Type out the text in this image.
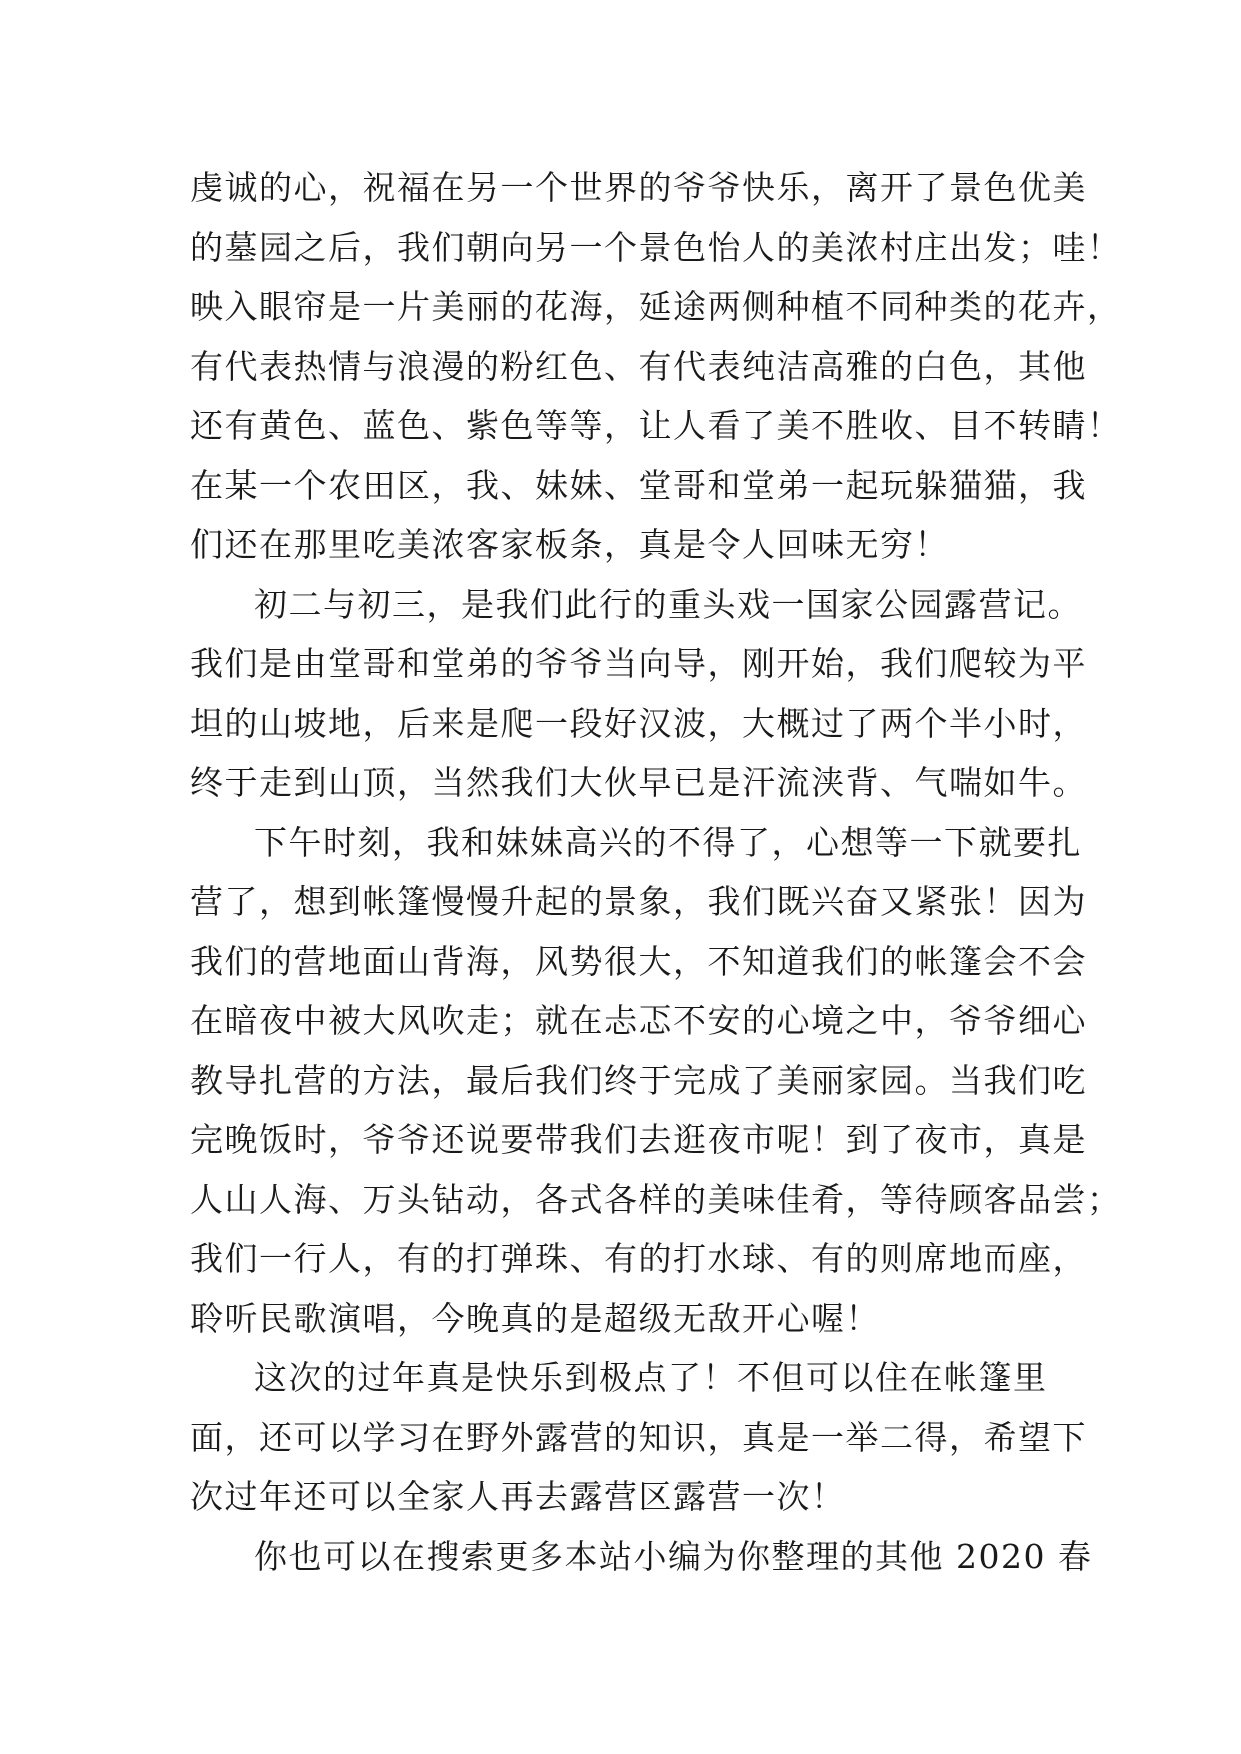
虔诚的心，祝福在另一个世界的爷爷快乐，离开了景色优美
的墓园之后，我们朝向另一个景色怡人的美浓村庄出发；哇！
映入眼帘是一片美丽的花海，延途两侧种植不同种类的花卉，
有代表热情与浪漫的粉红色、有代表纯洁高雅的白色，其他
还有黄色、蓝色、紫色等等，让人看了美不胜收、目不转睛！
在某一个农田区，我、妹妹、堂哥和堂弟一起玩躲猫猫，我
们还在那里吃美浓客家板条，真是令人回味无穷！
初二与初三，是我们此行的重头戏一国家公园露营记。
我们是由堂哥和堂弟的爷爷当向导，刚开始，我们爬较为平
坦的山坡地，后来是爬一段好汉波，大概过了两个半小时，
终于走到山顶，当然我们大伙早已是汗流浃背、气喘如牛。
下午时刻，我和妹妹高兴的不得了，心想等一下就要扎
营了，想到帐篷慢慢升起的景象，我们既兴奋又紧张！因为
我们的营地面山背海，风势很大，不知道我们的帐篷会不会
在暗夜中被大风吹走；就在忐忑不安的心境之中，爷爷细心
教导扎营的方法，最后我们终于完成了美丽家园。当我们吃
完晚饭时，爷爷还说要带我们去逛夜市呢！到了夜市，真是
人山人海、万头钻动，各式各样的美味佳肴，等待顾客品尝；
我们一行人，有的打弹珠、有的打水球、有的则席地而座，
聆听民歌演唱，今晚真的是超级无敌开心喔！
这次的过年真是快乐到极点了！不但可以住在帐篷里
面，还可以学习在野外露营的知识，真是一举二得，希望下
次过年还可以全家人再去露营区露营一次！
你也可以在搜索更多本站小编为你整理的其他 2020 春
